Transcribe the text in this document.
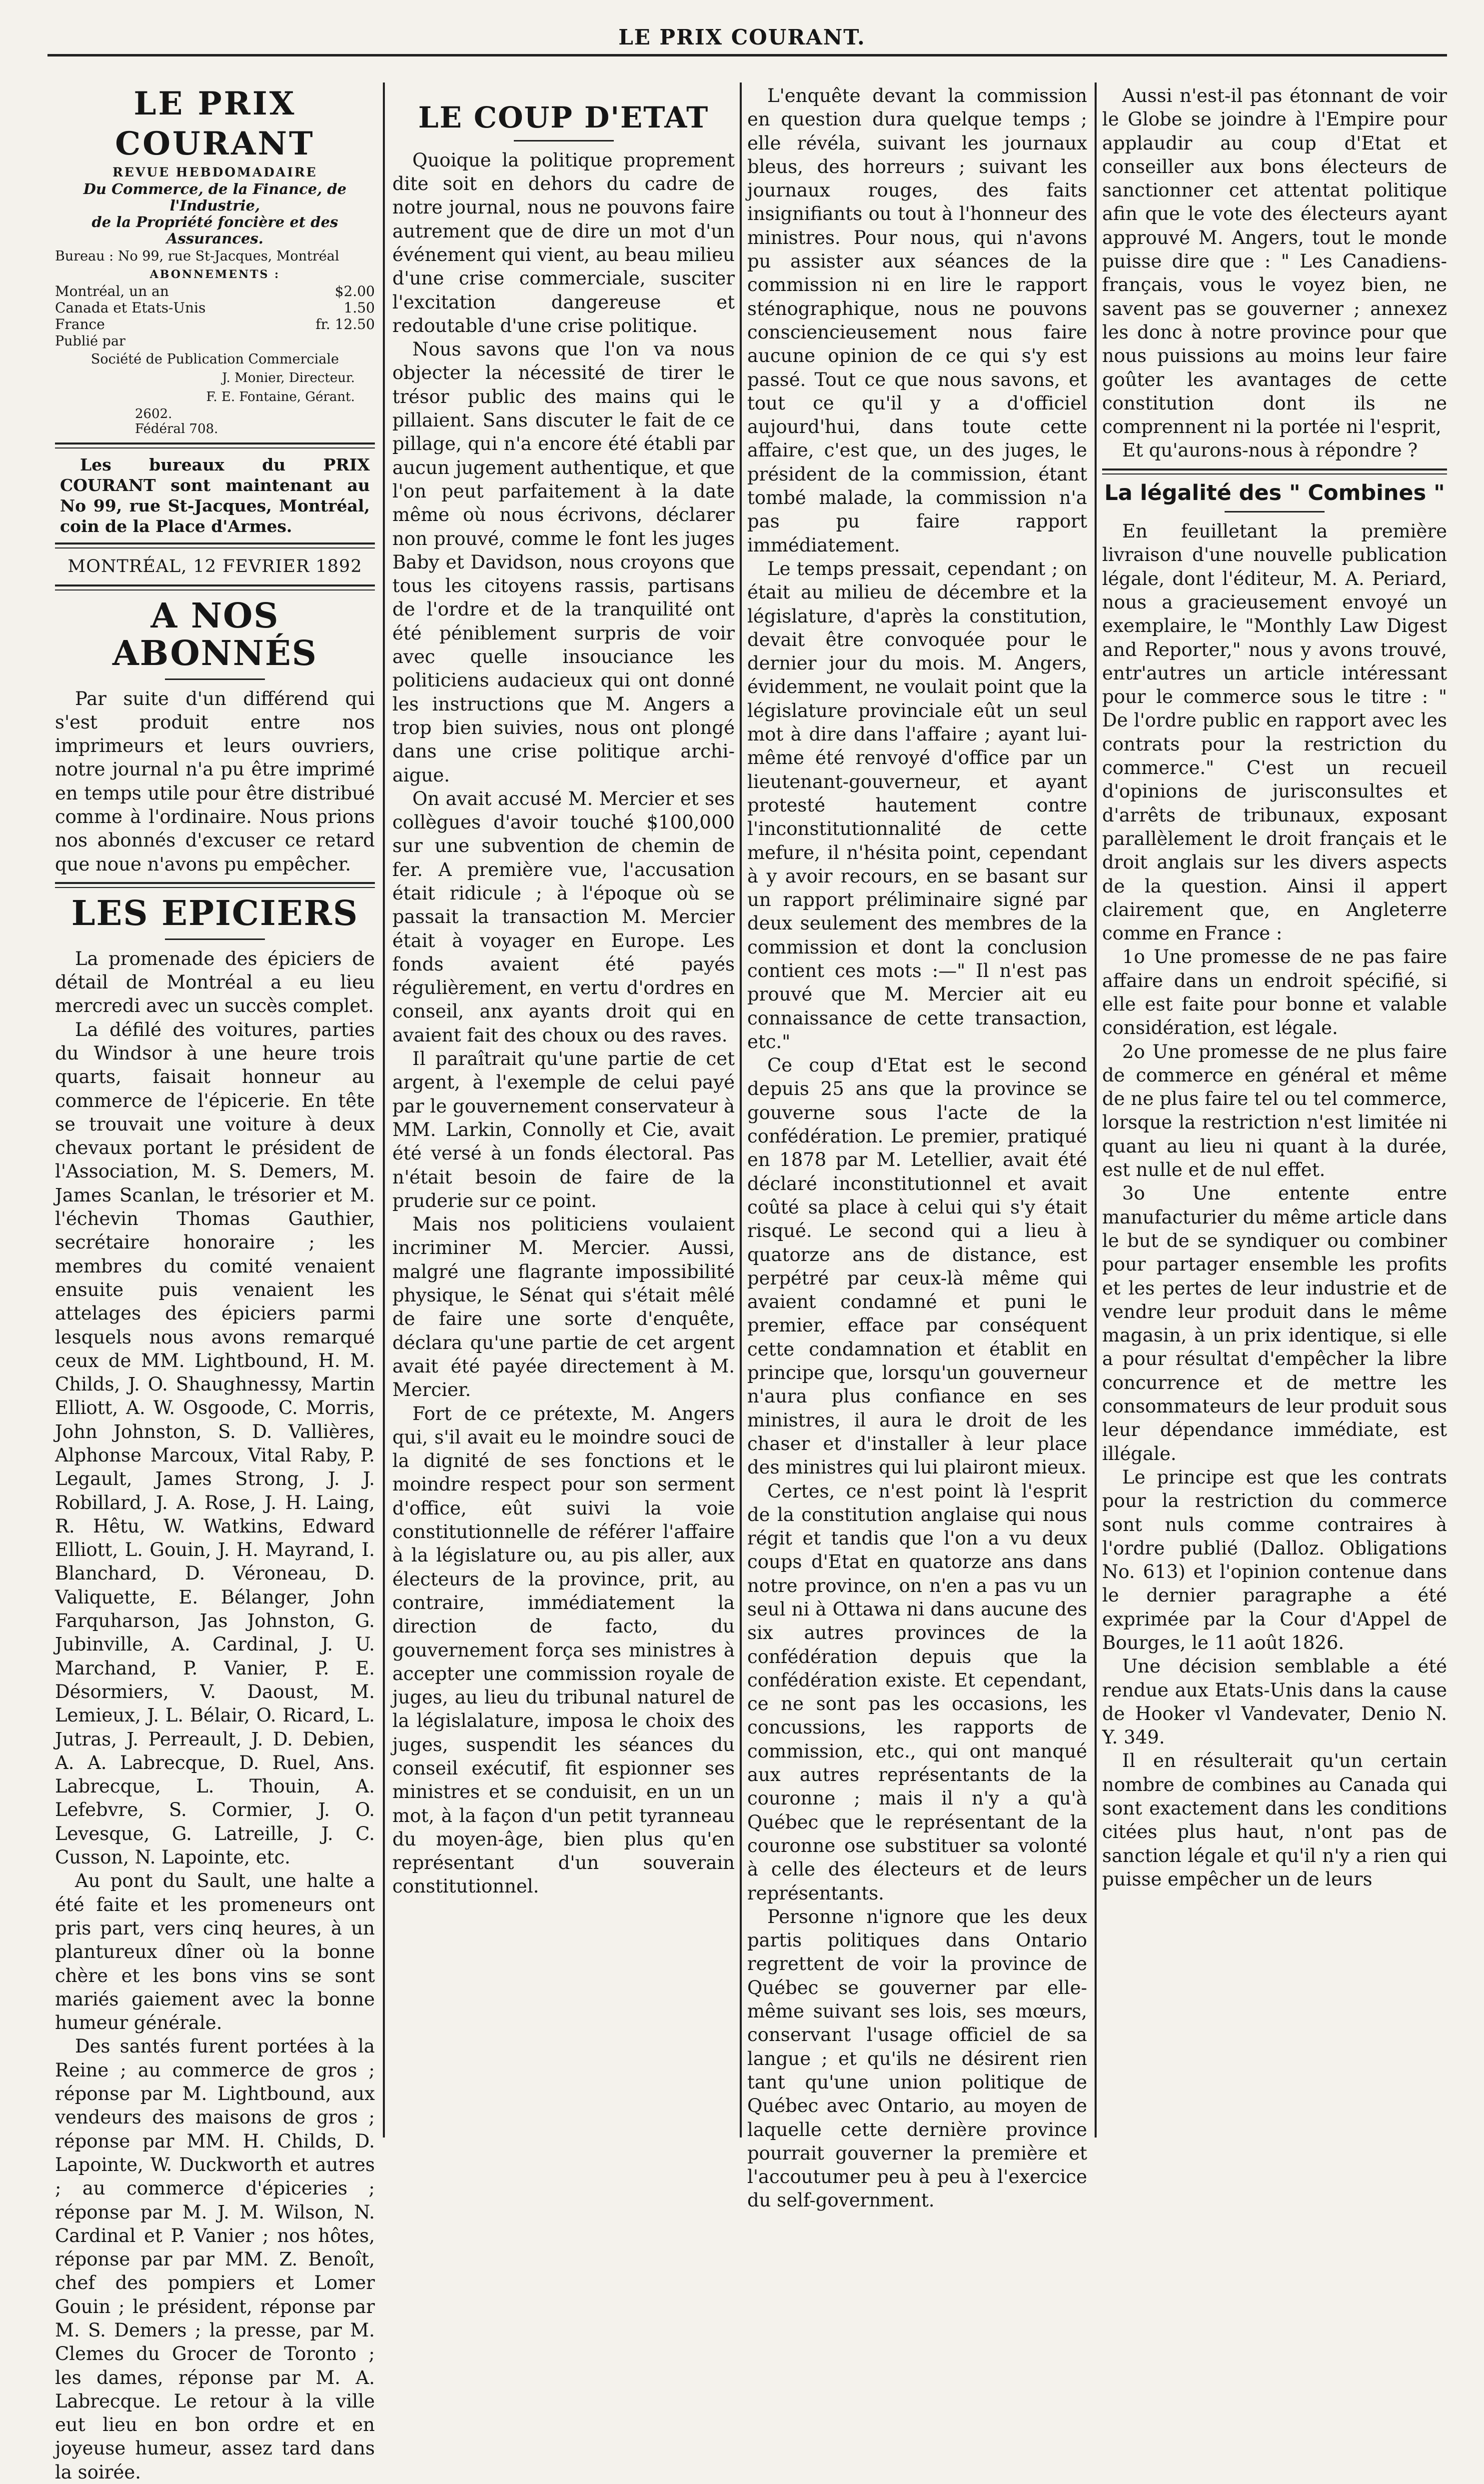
LE PRIX COURANT.
LE PRIX COURANT
REVUE HEBDOMADAIRE
Du Commerce, de la Finance, de l'Industrie,
de la Propriété foncière et des Assurances.
Bureau : No 99, rue St-Jacques, Montréal
ABONNEMENTS :
Montréal, un an	$2.00
Canada et Etats-Unis	1.50
France	fr. 12.50
Publié par
Société de Publication Commerciale
J. Monier, Directeur.
F. E. Fontaine, Gérant.
2602.
Fédéral 708.

Les bureaux du PRIX COURANT sont maintenant au No 99, rue St-Jacques, Montréal, coin de la Place d'Armes.

MONTRÉAL, 12 FEVRIER 1892
A NOS ABONNÉS

Par suite d'un différend qui s'est produit entre nos imprimeurs et leurs ouvriers, notre journal n'a pu être imprimé en temps utile pour être distribué comme à l'ordinaire. Nous prions nos abonnés d'excuser ce retard que noue n'avons pu empêcher.

LES EPICIERS

La promenade des épiciers de détail de Montréal a eu lieu mercredi avec un succès complet.

La défilé des voitures, parties du Windsor à une heure trois quarts, faisait honneur au commerce de l'épicerie. En tête se trouvait une voiture à deux chevaux portant le président de l'Association, M. S. Demers, M. James Scanlan, le trésorier et M. l'échevin Thomas Gauthier, secrétaire honoraire ; les membres du comité venaient ensuite puis venaient les attelages des épiciers parmi lesquels nous avons remarqué ceux de MM. Lightbound, H. M. Childs, J. O. Shaughnessy, Martin Elliott, A. W. Osgoode, C. Morris, John Johnston, S. D. Vallières, Alphonse Marcoux, Vital Raby, P. Legault, James Strong, J. J. Robillard, J. A. Rose, J. H. Laing, R. Hêtu, W. Watkins, Edward Elliott, L. Gouin, J. H. Mayrand, I. Blanchard, D. Véroneau, D. Valiquette, E. Bélanger, John Farquharson, Jas Johnston, G. Jubinville, A. Cardinal, J. U. Marchand, P. Vanier, P. E. Désormiers, V. Daoust, M. Lemieux, J. L. Bélair, O. Ricard, L. Jutras, J. Perreault, J. D. Debien, A. A. Labrecque, D. Ruel, Ans. Labrecque, L. Thouin, A. Lefebvre, S. Cormier, J. O. Levesque, G. Latreille, J. C. Cusson, N. Lapointe, etc.

Au pont du Sault, une halte a été faite et les promeneurs ont pris part, vers cinq heures, à un plantureux dîner où la bonne chère et les bons vins se sont mariés gaiement avec la bonne humeur générale.

Des santés furent portées à la Reine ; au commerce de gros ; réponse par M. Lightbound, aux vendeurs des maisons de gros ; réponse par MM. H. Childs, D. Lapointe, W. Duckworth et autres ; au commerce d'épiceries ; réponse par M. J. M. Wilson, N. Cardinal et P. Vanier ; nos hôtes, réponse par par MM. Z. Benoît, chef des pompiers et Lomer Gouin ; le président, réponse par M. S. Demers ; la presse, par M. Clemes du Grocer de Toronto ; les dames, réponse par M. A. Labrecque. Le retour à la ville eut lieu en bon ordre et en joyeuse humeur, assez tard dans la soirée.

LE COUP D'ETAT

Quoique la politique proprement dite soit en dehors du cadre de notre journal, nous ne pouvons faire autrement que de dire un mot d'un événement qui vient, au beau milieu d'une crise commerciale, susciter l'excitation dangereuse et redoutable d'une crise politique.

Nous savons que l'on va nous objecter la nécessité de tirer le trésor public des mains qui le pillaient. Sans discuter le fait de ce pillage, qui n'a encore été établi par aucun jugement authentique, et que l'on peut parfaitement à la date même où nous écrivons, déclarer non prouvé, comme le font les juges Baby et Davidson, nous croyons que tous les citoyens rassis, partisans de l'ordre et de la tranquilité ont été péniblement surpris de voir avec quelle insouciance les politiciens audacieux qui ont donné les instructions que M. Angers a trop bien suivies, nous ont plongé dans une crise politique archi-aigue.

On avait accusé M. Mercier et ses collègues d'avoir touché $100,000 sur une subvention de chemin de fer. A première vue, l'accusation était ridicule ; à l'époque où se passait la transaction M. Mercier était à voyager en Europe. Les fonds avaient été payés régulièrement, en vertu d'ordres en conseil, anx ayants droit qui en avaient fait des choux ou des raves.

Il paraîtrait qu'une partie de cet argent, à l'exemple de celui payé par le gouvernement conservateur à MM. Larkin, Connolly et Cie, avait été versé à un fonds électoral. Pas n'était besoin de faire de la pruderie sur ce point.

Mais nos politiciens voulaient incriminer M. Mercier. Aussi, malgré une flagrante impossibilité physique, le Sénat qui s'était mêlé de faire une sorte d'enquête, déclara qu'une partie de cet argent avait été payée directement à M. Mercier.

Fort de ce prétexte, M. Angers qui, s'il avait eu le moindre souci de la dignité de ses fonctions et le moindre respect pour son serment d'office, eût suivi la voie constitutionnelle de référer l'affaire à la législature ou, au pis aller, aux électeurs de la province, prit, au contraire, immédiatement la direction de facto, du gouvernement força ses ministres à accepter une commission royale de juges, au lieu du tribunal naturel de la législalature, imposa le choix des juges, suspendit les séances du conseil exécutif, fit espionner ses ministres et se conduisit, en un un mot, à la façon d'un petit tyranneau du moyen-âge, bien plus qu'en représentant d'un souverain constitutionnel.

L'enquête devant la commission en question dura quelque temps ; elle révéla, suivant les journaux bleus, des horreurs ; suivant les journaux rouges, des faits insignifiants ou tout à l'honneur des ministres. Pour nous, qui n'avons pu assister aux séances de la commission ni en lire le rapport sténographique, nous ne pouvons consciencieusement nous faire aucune opinion de ce qui s'y est passé. Tout ce que nous savons, et tout ce qu'il y a d'officiel aujourd'hui, dans toute cette affaire, c'est que, un des juges, le président de la commission, étant tombé malade, la commission n'a pas pu faire rapport immédiatement.

Le temps pressait, cependant ; on était au milieu de décembre et la législature, d'après la constitution, devait être convoquée pour le dernier jour du mois. M. Angers, évidemment, ne voulait point que la législature provinciale eût un seul mot à dire dans l'affaire ; ayant lui-même été renvoyé d'office par un lieutenant-gouverneur, et ayant protesté hautement contre l'inconstitutionnalité de cette mefure, il n'hésita point, cependant à y avoir recours, en se basant sur un rapport préliminaire signé par deux seulement des membres de la commission et dont la conclusion contient ces mots :—" Il n'est pas prouvé que M. Mercier ait eu connaissance de cette transaction, etc."

Ce coup d'Etat est le second depuis 25 ans que la province se gouverne sous l'acte de la confédération. Le premier, pratiqué en 1878 par M. Letellier, avait été déclaré inconstitutionnel et avait coûté sa place à celui qui s'y était risqué. Le second qui a lieu à quatorze ans de distance, est perpétré par ceux-là même qui avaient condamné et puni le premier, efface par conséquent cette condamnation et établit en principe que, lorsqu'un gouverneur n'aura plus confiance en ses ministres, il aura le droit de les chaser et d'installer à leur place des ministres qui lui plairont mieux.

Certes, ce n'est point là l'esprit de la constitution anglaise qui nous régit et tandis que l'on a vu deux coups d'Etat en quatorze ans dans notre province, on n'en a pas vu un seul ni à Ottawa ni dans aucune des six autres provinces de la confédération depuis que la confédération existe. Et cependant, ce ne sont pas les occasions, les concussions, les rapports de commission, etc., qui ont manqué aux autres représentants de la couronne ; mais il n'y a qu'à Québec que le représentant de la couronne ose substituer sa volonté à celle des électeurs et de leurs représentants.

Personne n'ignore que les deux partis politiques dans Ontario regrettent de voir la province de Québec se gouverner par elle-même suivant ses lois, ses mœurs, conservant l'usage officiel de sa langue ; et qu'ils ne désirent rien tant qu'une union politique de Québec avec Ontario, au moyen de laquelle cette dernière province pourrait gouverner la première et l'accoutumer peu à peu à l'exercice du self-government.

Aussi n'est-il pas étonnant de voir le Globe se joindre à l'Empire pour applaudir au coup d'Etat et conseiller aux bons électeurs de sanctionner cet attentat politique afin que le vote des électeurs ayant approuvé M. Angers, tout le monde puisse dire que : " Les Canadiens-français, vous le voyez bien, ne savent pas se gouverner ; annexez les donc à notre province pour que nous puissions au moins leur faire goûter les avantages de cette constitution dont ils ne comprennent ni la portée ni l'esprit,

Et qu'aurons-nous à répondre ?

La légalité des " Combines "

En feuilletant la première livraison d'une nouvelle publication légale, dont l'éditeur, M. A. Periard, nous a gracieusement envoyé un exemplaire, le "Monthly Law Digest and Reporter," nous y avons trouvé, entr'autres un article intéressant pour le commerce sous le titre : " De l'ordre public en rapport avec les contrats pour la restriction du commerce." C'est un recueil d'opinions de jurisconsultes et d'arrêts de tribunaux, exposant parallèlement le droit français et le droit anglais sur les divers aspects de la question. Ainsi il appert clairement que, en Angleterre comme en France :

1o Une promesse de ne pas faire affaire dans un endroit spécifié, si elle est faite pour bonne et valable considération, est légale.

2o Une promesse de ne plus faire de commerce en général et même de ne plus faire tel ou tel commerce, lorsque la restriction n'est limitée ni quant au lieu ni quant à la durée, est nulle et de nul effet.

3o Une entente entre manufacturier du même article dans le but de se syndiquer ou combiner pour partager ensemble les profits et les pertes de leur industrie et de vendre leur produit dans le même magasin, à un prix identique, si elle a pour résultat d'empêcher la libre concurrence et de mettre les consommateurs de leur produit sous leur dépendance immédiate, est illégale.

Le principe est que les contrats pour la restriction du commerce sont nuls comme contraires à l'ordre publié (Dalloz. Obligations No. 613) et l'opinion contenue dans le dernier paragraphe a été exprimée par la Cour d'Appel de Bourges, le 11 août 1826.

Une décision semblable a été rendue aux Etats-Unis dans la cause de Hooker vl Vandevater, Denio N. Y. 349.

Il en résulterait qu'un certain nombre de combines au Canada qui sont exactement dans les conditions citées plus haut, n'ont pas de sanction légale et qu'il n'y a rien qui puisse empêcher un de leurs
